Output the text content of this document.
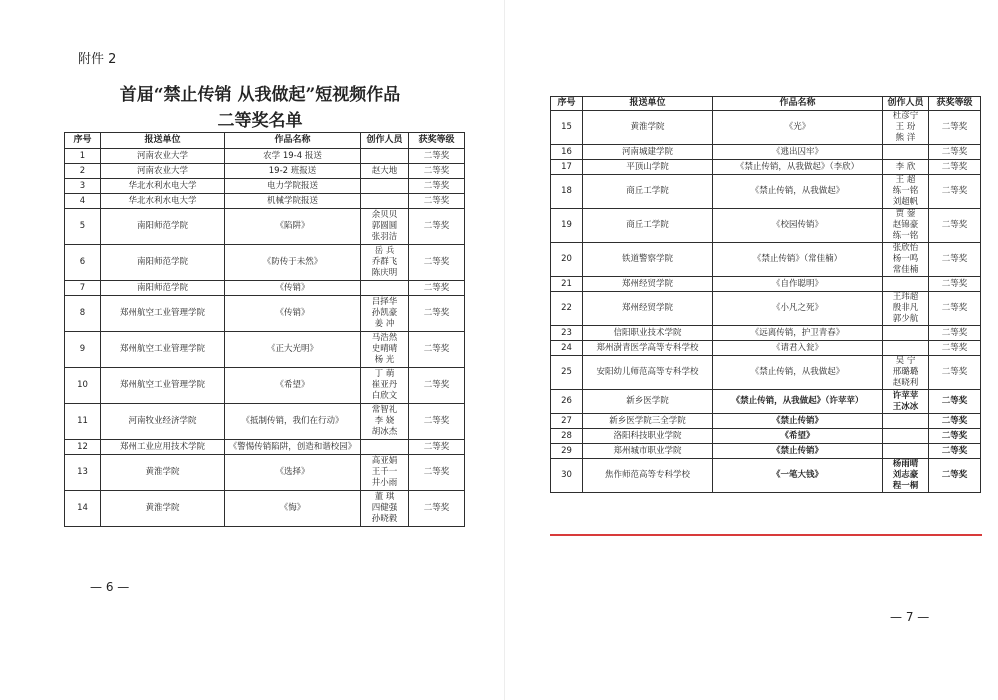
附件 2
首届“禁止传销 从我做起”短视频作品
二等奖名单
序号	报送单位	作品名称	创作人员	获奖等级
1	河南农业大学	农学 19-4 报送		二等奖
2	河南农业大学	19-2 班报送	赵大地	二等奖
3	华北水利水电大学	电力学院报送		二等奖
4	华北水利水电大学	机械学院报送		二等奖
5	南阳师范学院	《陷阱》	余贝贝
郭圆圆
张羽洁	二等奖
6	南阳师范学院	《防传于未然》	岳 兵
乔群飞
陈庆明	二等奖
7	南阳师范学院	《传销》		二等奖
8	郑州航空工业管理学院	《传销》	吕择华
孙凯豪
姜 冲	二等奖
9	郑州航空工业管理学院	《正大光明》	马浩然
史晴晴
杨 光	二等奖
10	郑州航空工业管理学院	《希望》	丁 萌
崔亚丹
白欣文	二等奖
11	河南牧业经济学院	《抵制传销，我们在行动》	常智礼
李 娆
胡冰杰	二等奖
12	郑州工业应用技术学院	《警惕传销陷阱，创造和谐校园》		二等奖
13	黄淮学院	《选择》	高亚娟
王千一
井小雨	二等奖
14	黄淮学院	《悔》	董 琪
四健强
孙晓毅	二等奖
— 6 —
序号	报送单位	作品名称	创作人员	获奖等级
15	黄淮学院	《光》	杜彦宁
王 玢
熊 洋	二等奖
16	河南城建学院	《逃出囚牢》		二等奖
17	平顶山学院	《禁止传销，从我做起》（李欣）	李 欣	二等奖
18	商丘工学院	《禁止传销，从我做起》	王 超
练一铭
刘超帆	二等奖
19	商丘工学院	《校园传销》	贾 蓥
赵锦豪
练一铭	二等奖
20	铁道警察学院	《禁止传销》（常佳楠）	张欣怡
杨一鸣
常佳楠	二等奖
21	郑州经贸学院	《自作聪明》		二等奖
22	郑州经贸学院	《小凡之死》	王玮超
殷非凡
郭少航	二等奖
23	信阳职业技术学院	《远离传销，护卫青春》		二等奖
24	郑州澍青医学高等专科学校	《请君入瓮》		二等奖
25	安阳幼儿师范高等专科学校	《禁止传销，从我做起》	吴 宁
邢璐璐
赵晓利	二等奖
26	新乡医学院	《禁止传销，从我做起》（许苹苹）	许苹苹
王冰冰	二等奖
27	新乡医学院三全学院	《禁止传销》		二等奖
28	洛阳科技职业学院	《希望》		二等奖
29	郑州城市职业学院	《禁止传销》		二等奖
30	焦作师范高等专科学校	《一笔大钱》	杨雨晴
刘志豪
程一桐	二等奖
— 7 —
